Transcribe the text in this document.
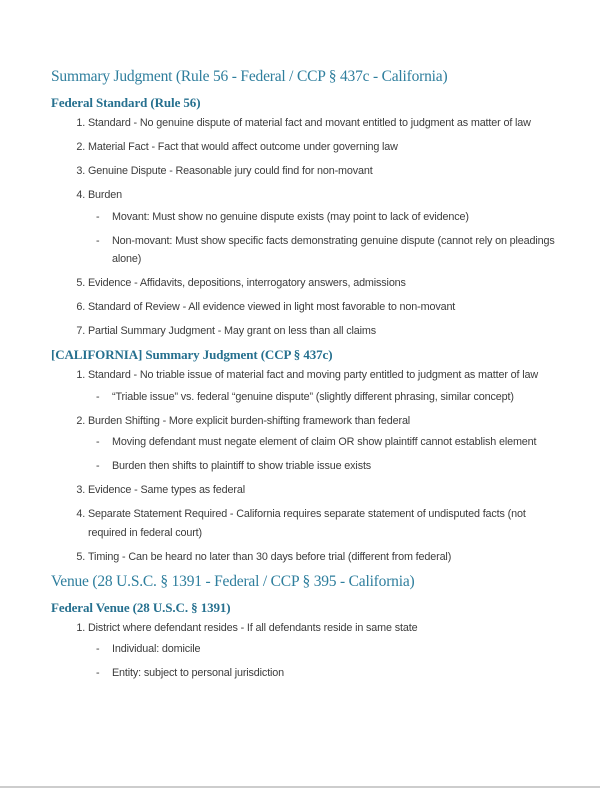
Summary Judgment (Rule 56 - Federal / CCP § 437c - California)
Federal Standard (Rule 56)
1. Standard - No genuine dispute of material fact and movant entitled to judgment as matter of law
2. Material Fact - Fact that would affect outcome under governing law
3. Genuine Dispute - Reasonable jury could find for non-movant
4. Burden
- Movant: Must show no genuine dispute exists (may point to lack of evidence)
- Non-movant: Must show specific facts demonstrating genuine dispute (cannot rely on pleadings alone)
5. Evidence - Affidavits, depositions, interrogatory answers, admissions
6. Standard of Review - All evidence viewed in light most favorable to non-movant
7. Partial Summary Judgment - May grant on less than all claims
[CALIFORNIA] Summary Judgment (CCP § 437c)
1. Standard - No triable issue of material fact and moving party entitled to judgment as matter of law
- “Triable issue” vs. federal “genuine dispute” (slightly different phrasing, similar concept)
2. Burden Shifting - More explicit burden-shifting framework than federal
- Moving defendant must negate element of claim OR show plaintiff cannot establish element
- Burden then shifts to plaintiff to show triable issue exists
3. Evidence - Same types as federal
4. Separate Statement Required - California requires separate statement of undisputed facts (not required in federal court)
5. Timing - Can be heard no later than 30 days before trial (different from federal)
Venue (28 U.S.C. § 1391 - Federal / CCP § 395 - California)
Federal Venue (28 U.S.C. § 1391)
1. District where defendant resides - If all defendants reside in same state
- Individual: domicile
- Entity: subject to personal jurisdiction
